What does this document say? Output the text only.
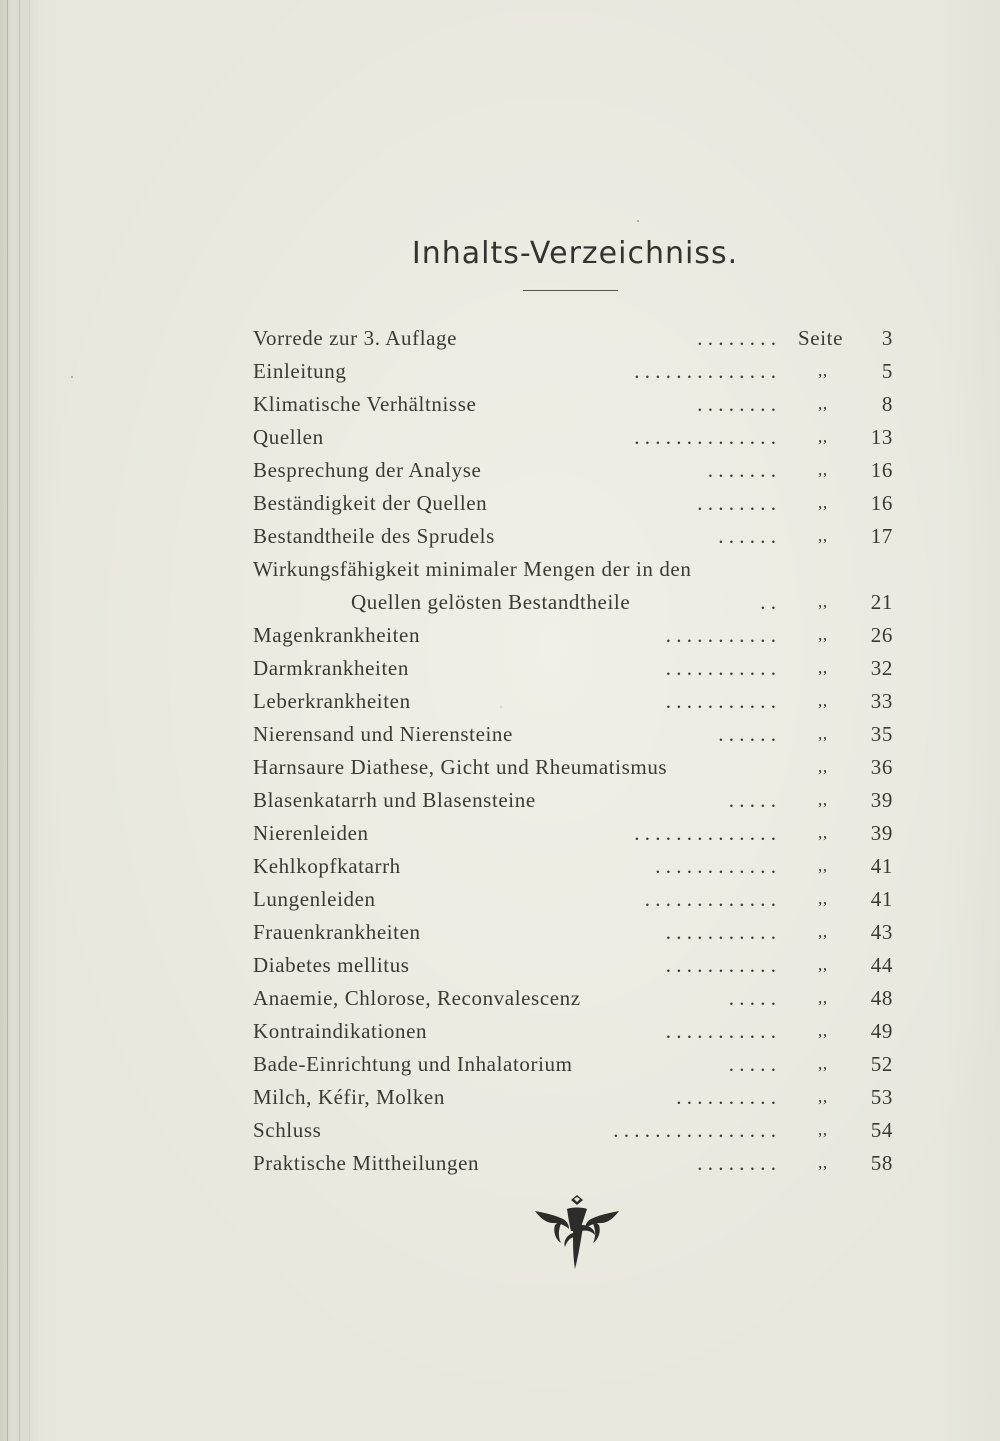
Inhalts-Verzeichniss.
Vorrede zur 3. Auflage	. . . . . . . . Seite 3
Einleitung	. . . . . . . . . . . . . . ,,	5
Klimatische Verhältnisse	. . . . . . . . ,,	8
Quellen	. . . . . . . . . . . . . . ,,	13
Besprechung der Analyse	. . . . . . . ,,	16
Beständigkeit der Quellen	. . . . . . . . ,,	16
Bestandtheile des Sprudels	. . . . . . ,,	17
Wirkungsfähigkeit minimaler Mengen der in den
Quellen gelösten Bestandtheile	. . ,,	21
Magenkrankheiten	. . . . . . . . . . . ,,	26
Darmkrankheiten	. . . . . . . . . . . ,,	32
Leberkrankheiten	. . . . . . . . . . . ,,	33
Nierensand und Nierensteine	. . . . . . ,,	35
Harnsaure Diathese, Gicht und Rheumatismus	,,	36
Blasenkatarrh und Blasensteine	. . . . . ,,	39
Nierenleiden	. . . . . . . . . . . . . . ,,	39
Kehlkopfkatarrh	. . . . . . . . . . . . ,,	41
Lungenleiden	. . . . . . . . . . . . . ,,	41
Frauenkrankheiten	. . . . . . . . . . . ,,	43
Diabetes mellitus	. . . . . . . . . . . ,,	44
Anaemie, Chlorose, Reconvalescenz	. . . . . ,,	48
Kontraindikationen	. . . . . . . . . . . ,,	49
Bade-Einrichtung und Inhalatorium	. . . . . ,,	52
Milch, Kéfir, Molken	. . . . . . . . . . ,,	53
Schluss	. . . . . . . . . . . . . . . . ,,	54
Praktische Mittheilungen	. . . . . . . . ,,	58
